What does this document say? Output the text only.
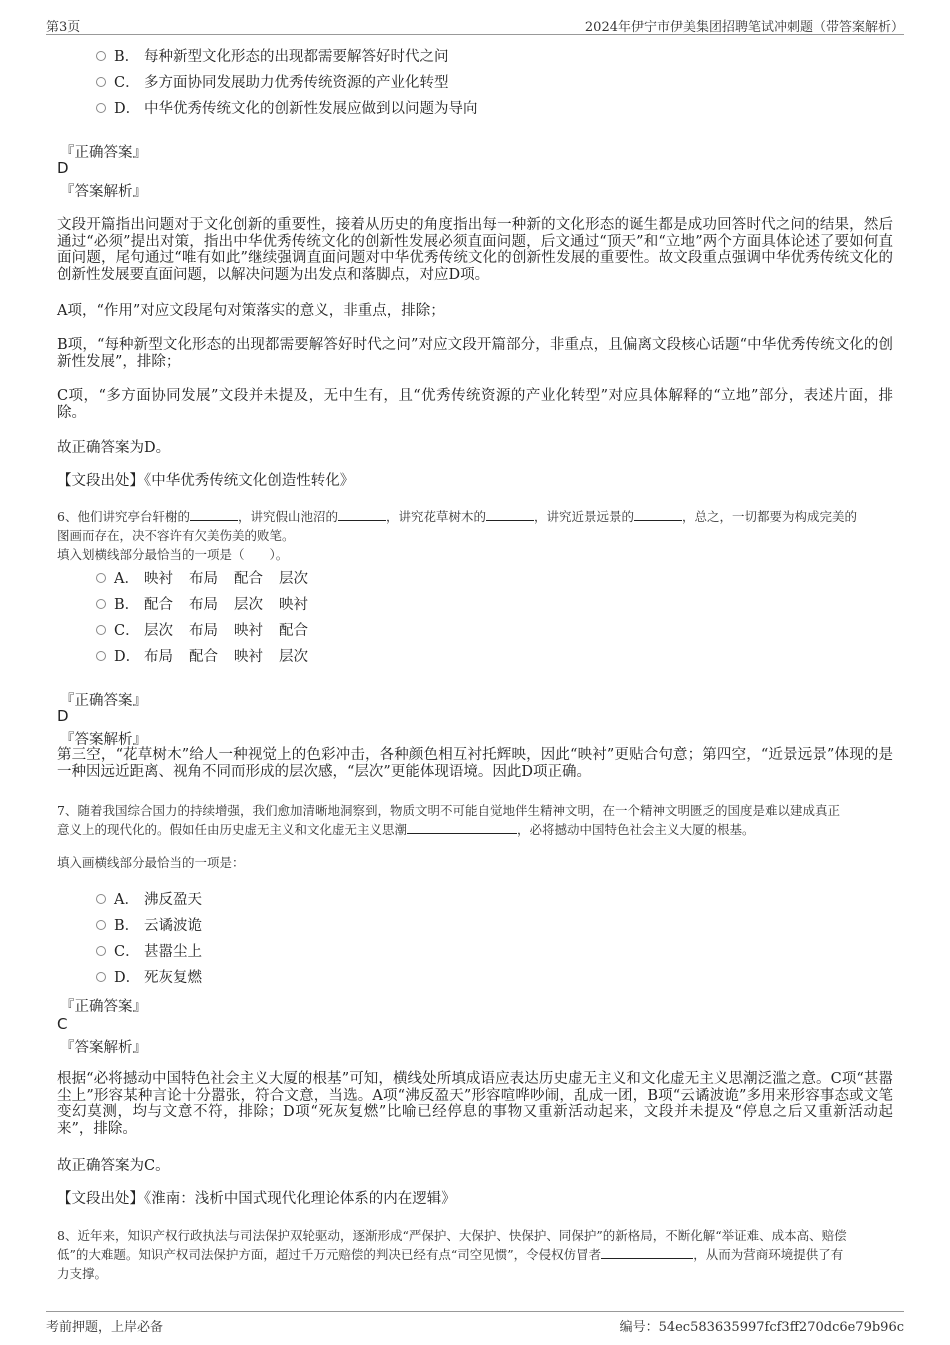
第3页	2024年伊宁市伊美集团招聘笔试冲刺题（带答案解析）
B． 每种新型文化形态的出现都需要解答好时代之问
C． 多方面协同发展助力优秀传统资源的产业化转型
D． 中华优秀传统文化的创新性发展应做到以问题为导向
『正确答案』
D
『答案解析』
文段开篇指出问题对于文化创新的重要性，接着从历史的角度指出每一种新的文化形态的诞生都是成功回答时代之问的结果，然后通过“必须”提出对策，指出中华优秀传统文化的创新性发展必须直面问题，后文通过“顶天”和“立地”两个方面具体论述了要如何直面问题，尾句通过“唯有如此”继续强调直面问题对中华优秀传统文化的创新性发展的重要性。故文段重点强调中华优秀传统文化的创新性发展要直面问题，以解决问题为出发点和落脚点，对应D项。
A项，“作用”对应文段尾句对策落实的意义，非重点，排除；
B项，“每种新型文化形态的出现都需要解答好时代之问”对应文段开篇部分，非重点，且偏离文段核心话题“中华优秀传统文化的创新性发展”，排除；
C项，“多方面协同发展”文段并未提及，无中生有，且“优秀传统资源的产业化转型”对应具体解释的“立地”部分，表述片面，排除。
故正确答案为D。
【文段出处】《中华优秀传统文化创造性转化》
6、他们讲究亭台轩榭的	，讲究假山池沼的	，讲究花草树木的	，讲究近景远景的	，总之，一切都要为构成完美的
图画而存在，决不容许有欠美伤美的败笔。
填入划横线部分最恰当的一项是（　　）。
A． 映衬 布局 配合 层次
B． 配合 布局 层次 映衬
C． 层次 布局 映衬 配合
D． 布局 配合 映衬 层次
『正确答案』
D
『答案解析』
第三空，“花草树木”给人一种视觉上的色彩冲击，各种颜色相互衬托辉映，因此“映衬”更贴合句意；第四空，“近景远景”体现的是一种因远近距离、视角不同而形成的层次感，“层次”更能体现语境。因此D项正确。
7、随着我国综合国力的持续增强，我们愈加清晰地洞察到，物质文明不可能自觉地伴生精神文明，在一个精神文明匮乏的国度是难以建成真正
意义上的现代化的。假如任由历史虚无主义和文化虚无主义思潮	，必将撼动中国特色社会主义大厦的根基。
填入画横线部分最恰当的一项是：
A． 沸反盈天
B． 云谲波诡
C． 甚嚣尘上
D． 死灰复燃
『正确答案』
C
『答案解析』
根据“必将撼动中国特色社会主义大厦的根基”可知，横线处所填成语应表达历史虚无主义和文化虚无主义思潮泛滥之意。C项“甚嚣尘上”形容某种言论十分嚣张，符合文意，当选。A项“沸反盈天”形容喧哗吵闹，乱成一团，B项“云谲波诡”多用来形容事态或文笔变幻莫测，均与文意不符，排除；D项“死灰复燃”比喻已经停息的事物又重新活动起来，文段并未提及“停息之后又重新活动起来”，排除。
故正确答案为C。
【文段出处】《淮南：浅析中国式现代化理论体系的内在逻辑》
8、近年来，知识产权行政执法与司法保护双轮驱动，逐渐形成“严保护、大保护、快保护、同保护”的新格局，不断化解“举证难、成本高、赔偿
低”的大难题。知识产权司法保护方面，超过千万元赔偿的判决已经有点“司空见惯”，令侵权仿冒者	，从而为营商环境提供了有
力支撑。
考前押题，上岸必备	编号：54ec583635997fcf3ff270dc6e79b96c
